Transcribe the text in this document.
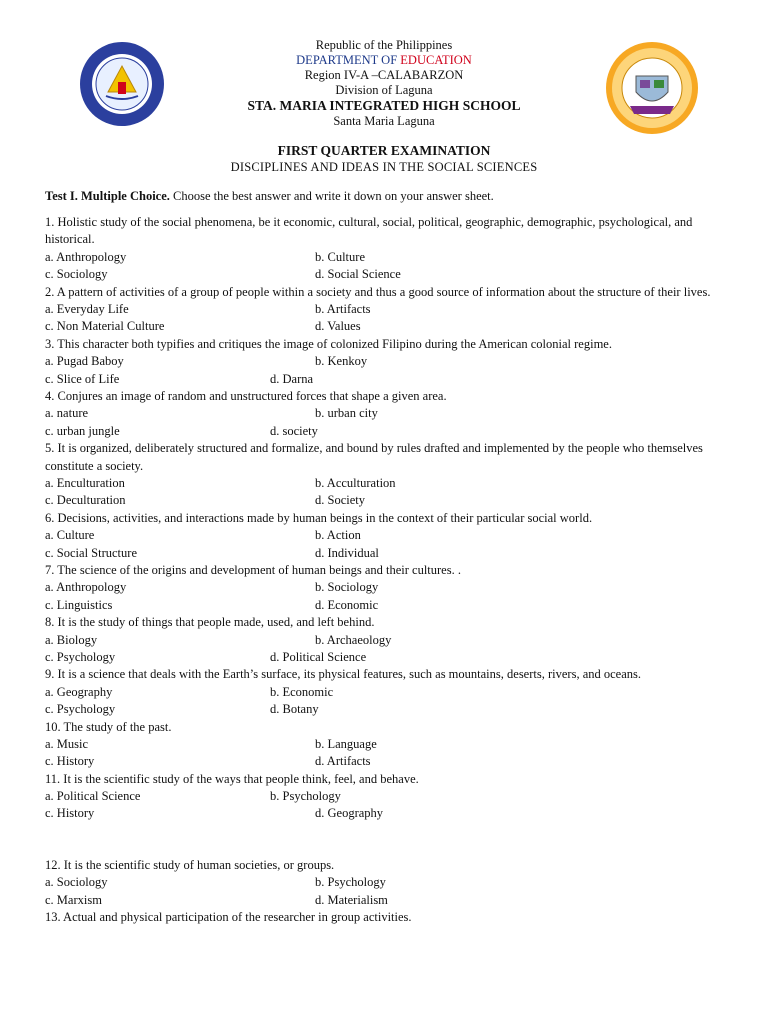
Republic of the Philippines
DEPARTMENT OF EDUCATION
Region IV-A –CALABARZON
Division of Laguna
STA. MARIA INTEGRATED HIGH SCHOOL
Santa Maria Laguna
FIRST QUARTER EXAMINATION
DISCIPLINES AND IDEAS IN THE SOCIAL SCIENCES
Test I. Multiple Choice. Choose the best answer and write it down on your answer sheet.
1. Holistic study of the social phenomena, be it economic, cultural, social, political, geographic, demographic, psychological, and historical.
a. Anthropology	b. Culture
c. Sociology	d. Social Science
2. A pattern of activities of a group of people within a society and thus a good source of information about the structure of their lives.
a. Everyday Life	b. Artifacts
c. Non Material Culture	d. Values
3. This character both typifies and critiques the image of colonized Filipino during the American colonial regime.
a. Pugad Baboy	b. Kenkoy
c. Slice of Life	d. Darna
4. Conjures an image of random and unstructured forces that shape a given area.
a. nature	b. urban city
c. urban jungle	d. society
5. It is organized, deliberately structured and formalize, and bound by rules drafted and implemented by the people who themselves constitute a society.
a. Enculturation	b. Acculturation
c. Deculturation	d. Society
6. Decisions, activities, and interactions made by human beings in the context of their particular social world.
a. Culture	b. Action
c. Social Structure	d. Individual
7. The science of the origins and development of human beings and their cultures. .
a. Anthropology	b. Sociology
c. Linguistics	d. Economic
8. It is the study of things that people made, used, and left behind.
a. Biology	b. Archaeology
c. Psychology	d. Political Science
9. It is a science that deals with the Earth’s surface, its physical features, such as mountains, deserts, rivers, and oceans.
a. Geography	b. Economic
c. Psychology	d. Botany
10. The study of the past.
a. Music	b. Language
c. History	d. Artifacts
11. It is the scientific study of the ways that people think, feel, and behave.
a. Political Science	b. Psychology
c. History	d. Geography
12. It is the scientific study of human societies, or groups.
a. Sociology	b. Psychology
c. Marxism	d. Materialism
13. Actual and physical participation of the researcher in group activities.
